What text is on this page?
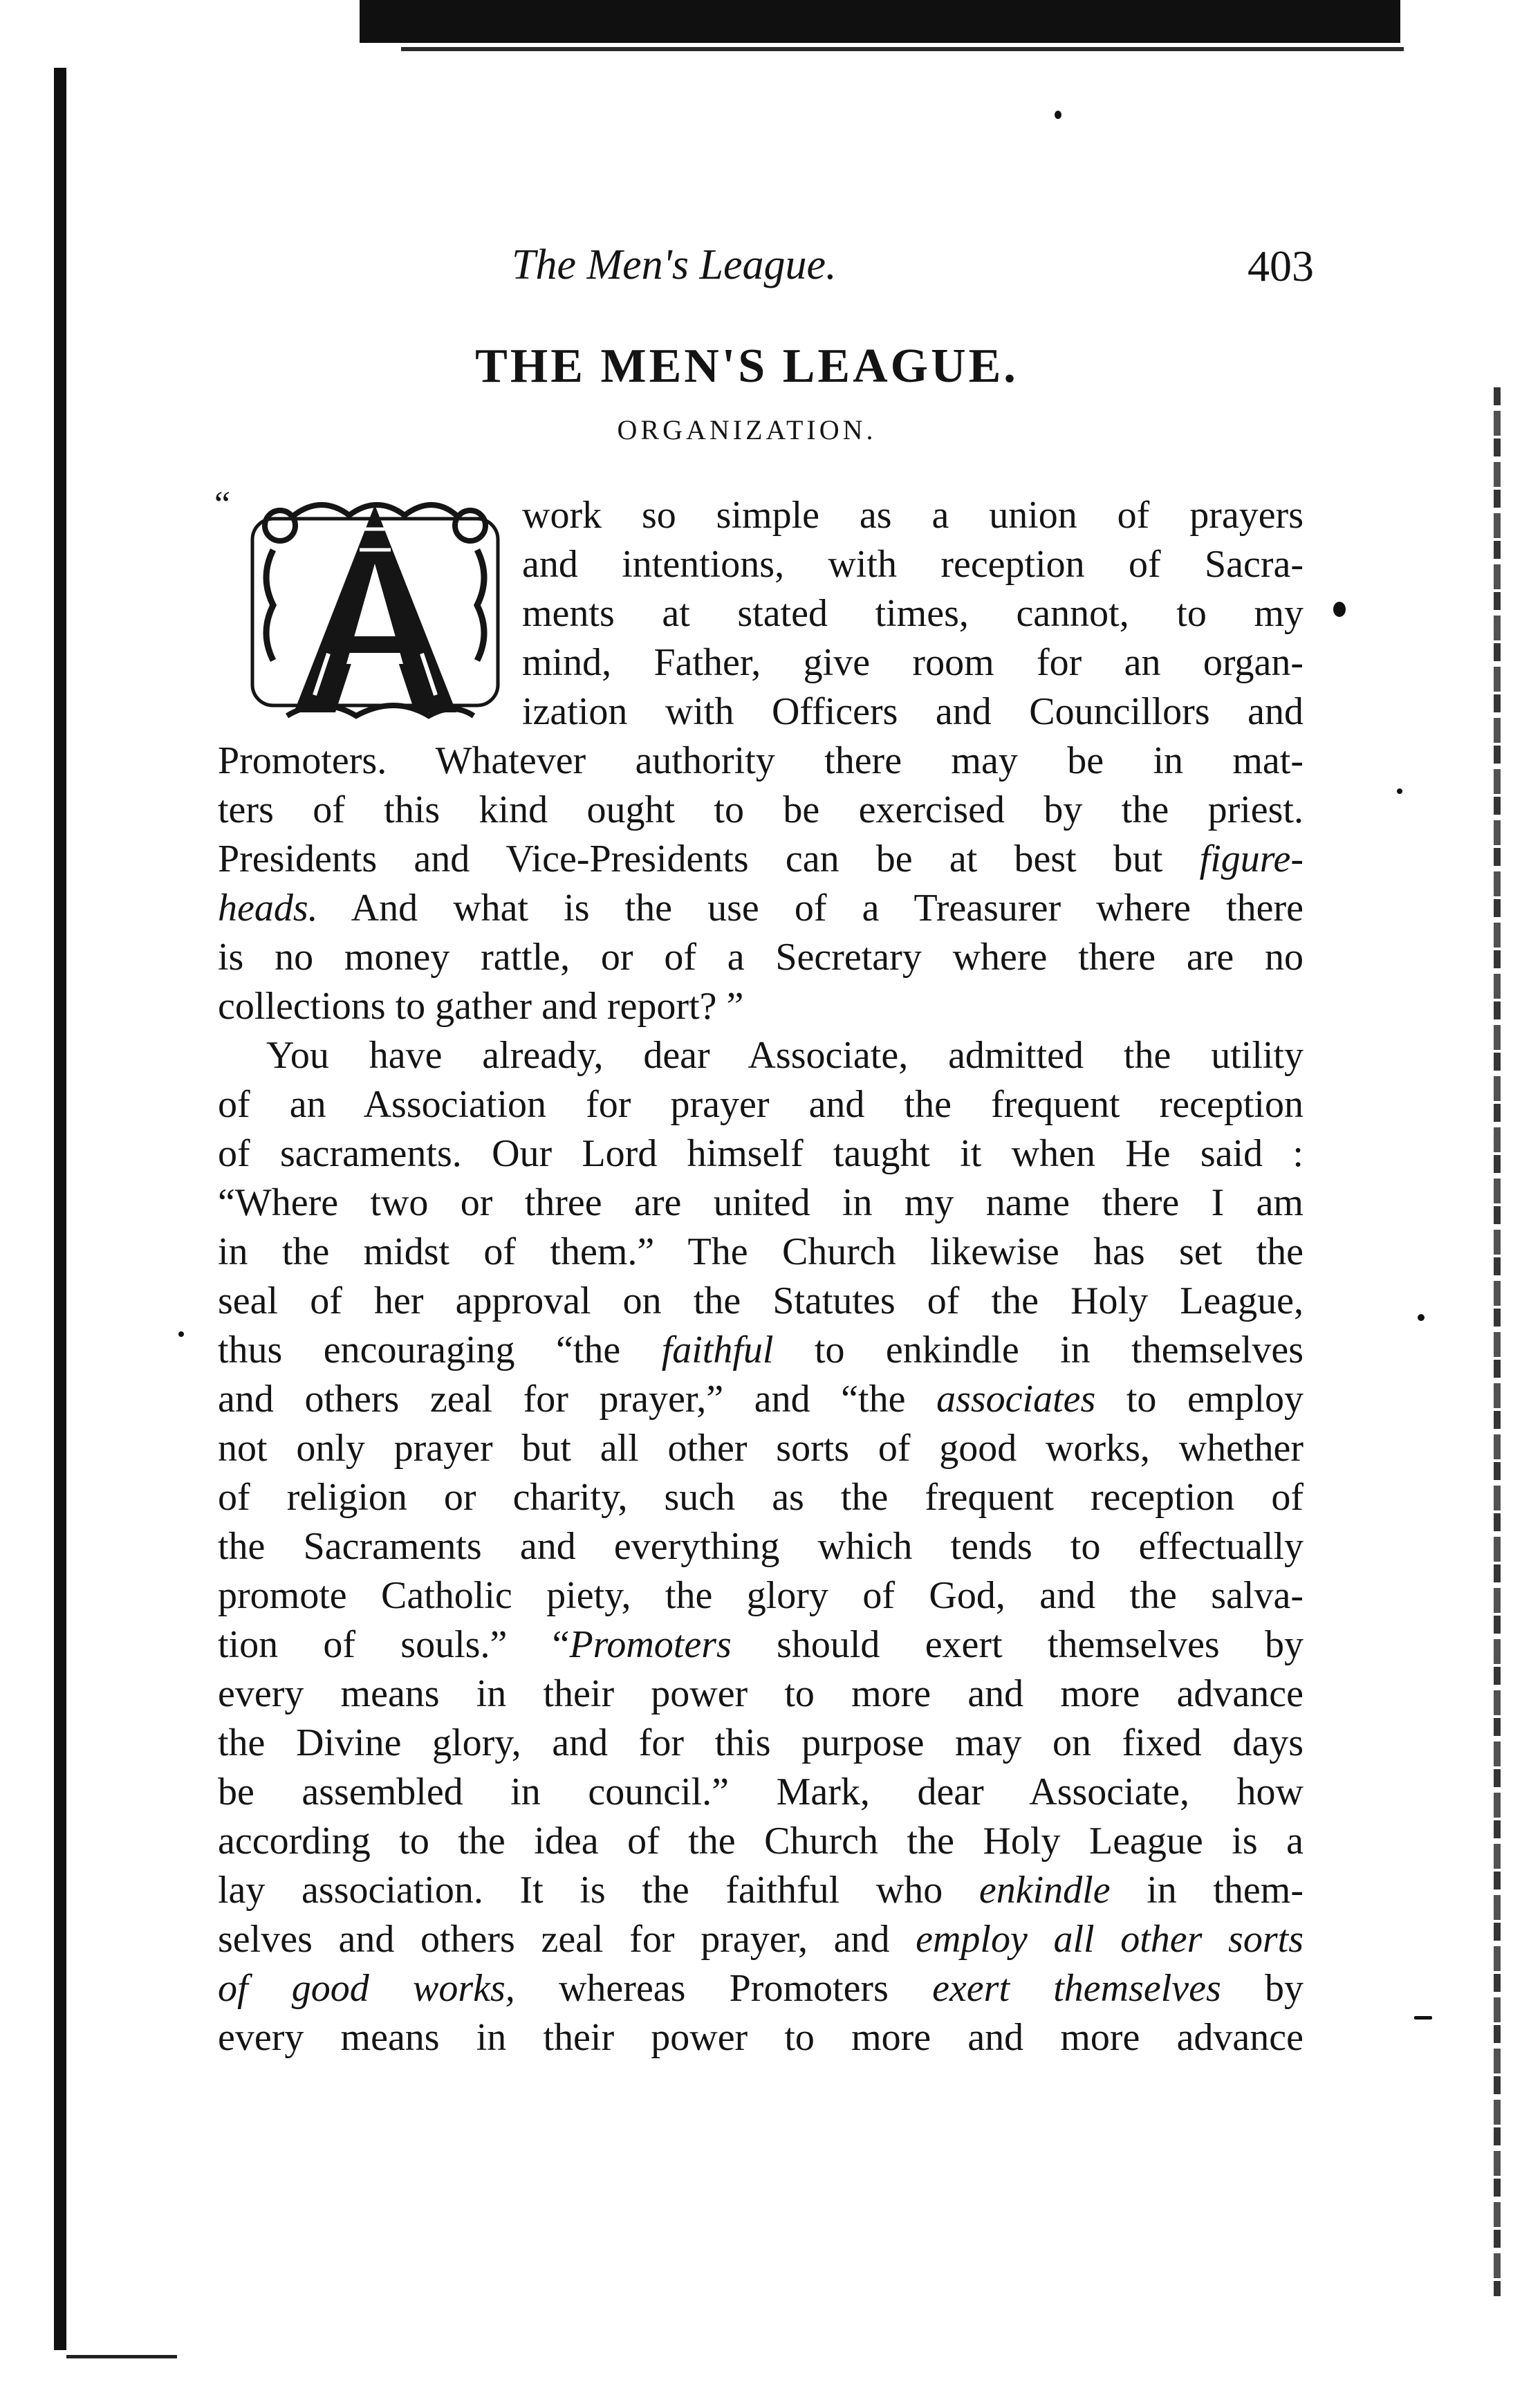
The Men's League.	403
THE MEN'S LEAGUE.
ORGANIZATION.
“	work so simple as a union of prayers
and intentions, with reception of Sacra-
ments at stated times, cannot, to my
mind, Father, give room for an organ-
ization with Officers and Councillors and
Promoters. Whatever authority there may be in mat-
ters of this kind ought to be exercised by the priest.
Presidents and Vice-Presidents can be at best but figure-
heads. And what is the use of a Treasurer where there
is no money rattle, or of a Secretary where there are no
collections to gather and report? ”
You have already, dear Associate, admitted the utility
of an Association for prayer and the frequent reception
of sacraments. Our Lord himself taught it when He said :
“Where two or three are united in my name there I am
in the midst of them.” The Church likewise has set the
seal of her approval on the Statutes of the Holy League,
thus encouraging “the faithful to enkindle in themselves
and others zeal for prayer,” and “the associates to employ
not only prayer but all other sorts of good works, whether
of religion or charity, such as the frequent reception of
the Sacraments and everything which tends to effectually
promote Catholic piety, the glory of God, and the salva-
tion of souls.” “Promoters should exert themselves by
every means in their power to more and more advance
the Divine glory, and for this purpose may on fixed days
be assembled in council.” Mark, dear Associate, how
according to the idea of the Church the Holy League is a
lay association. It is the faithful who enkindle in them-
selves and others zeal for prayer, and employ all other sorts
of good works, whereas Promoters exert themselves by
every means in their power to more and more advance
